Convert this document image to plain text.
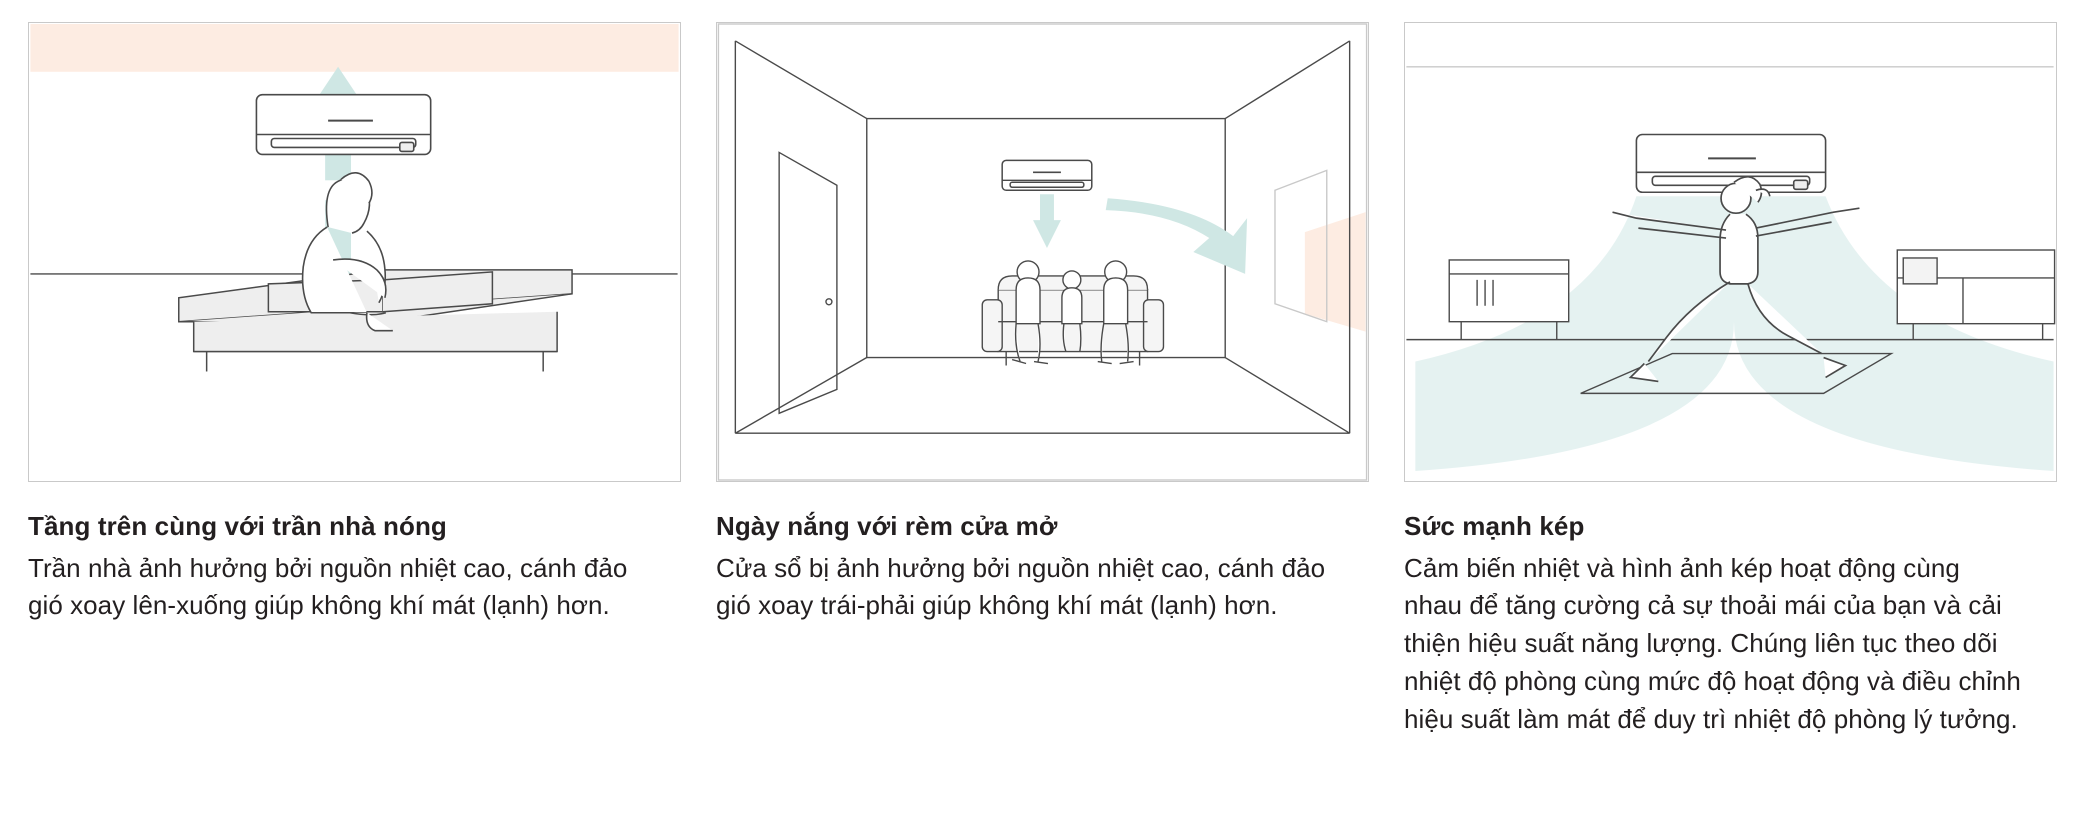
Tầng trên cùng với trần nhà nóng

Trần nhà ảnh hưởng bởi nguồn nhiệt cao, cánh đảo gió xoay lên-xuống giúp không khí mát (lạnh) hơn.

Ngày nắng với rèm cửa mở

Cửa sổ bị ảnh hưởng bởi nguồn nhiệt cao, cánh đảo gió xoay trái-phải giúp không khí mát (lạnh) hơn.

Sức mạnh kép

Cảm biến nhiệt và hình ảnh kép hoạt động cùng nhau để tăng cường cả sự thoải mái của bạn và cải thiện hiệu suất năng lượng. Chúng liên tục theo dõi nhiệt độ phòng cùng mức độ hoạt động và điều chỉnh hiệu suất làm mát để duy trì nhiệt độ phòng lý tưởng.
